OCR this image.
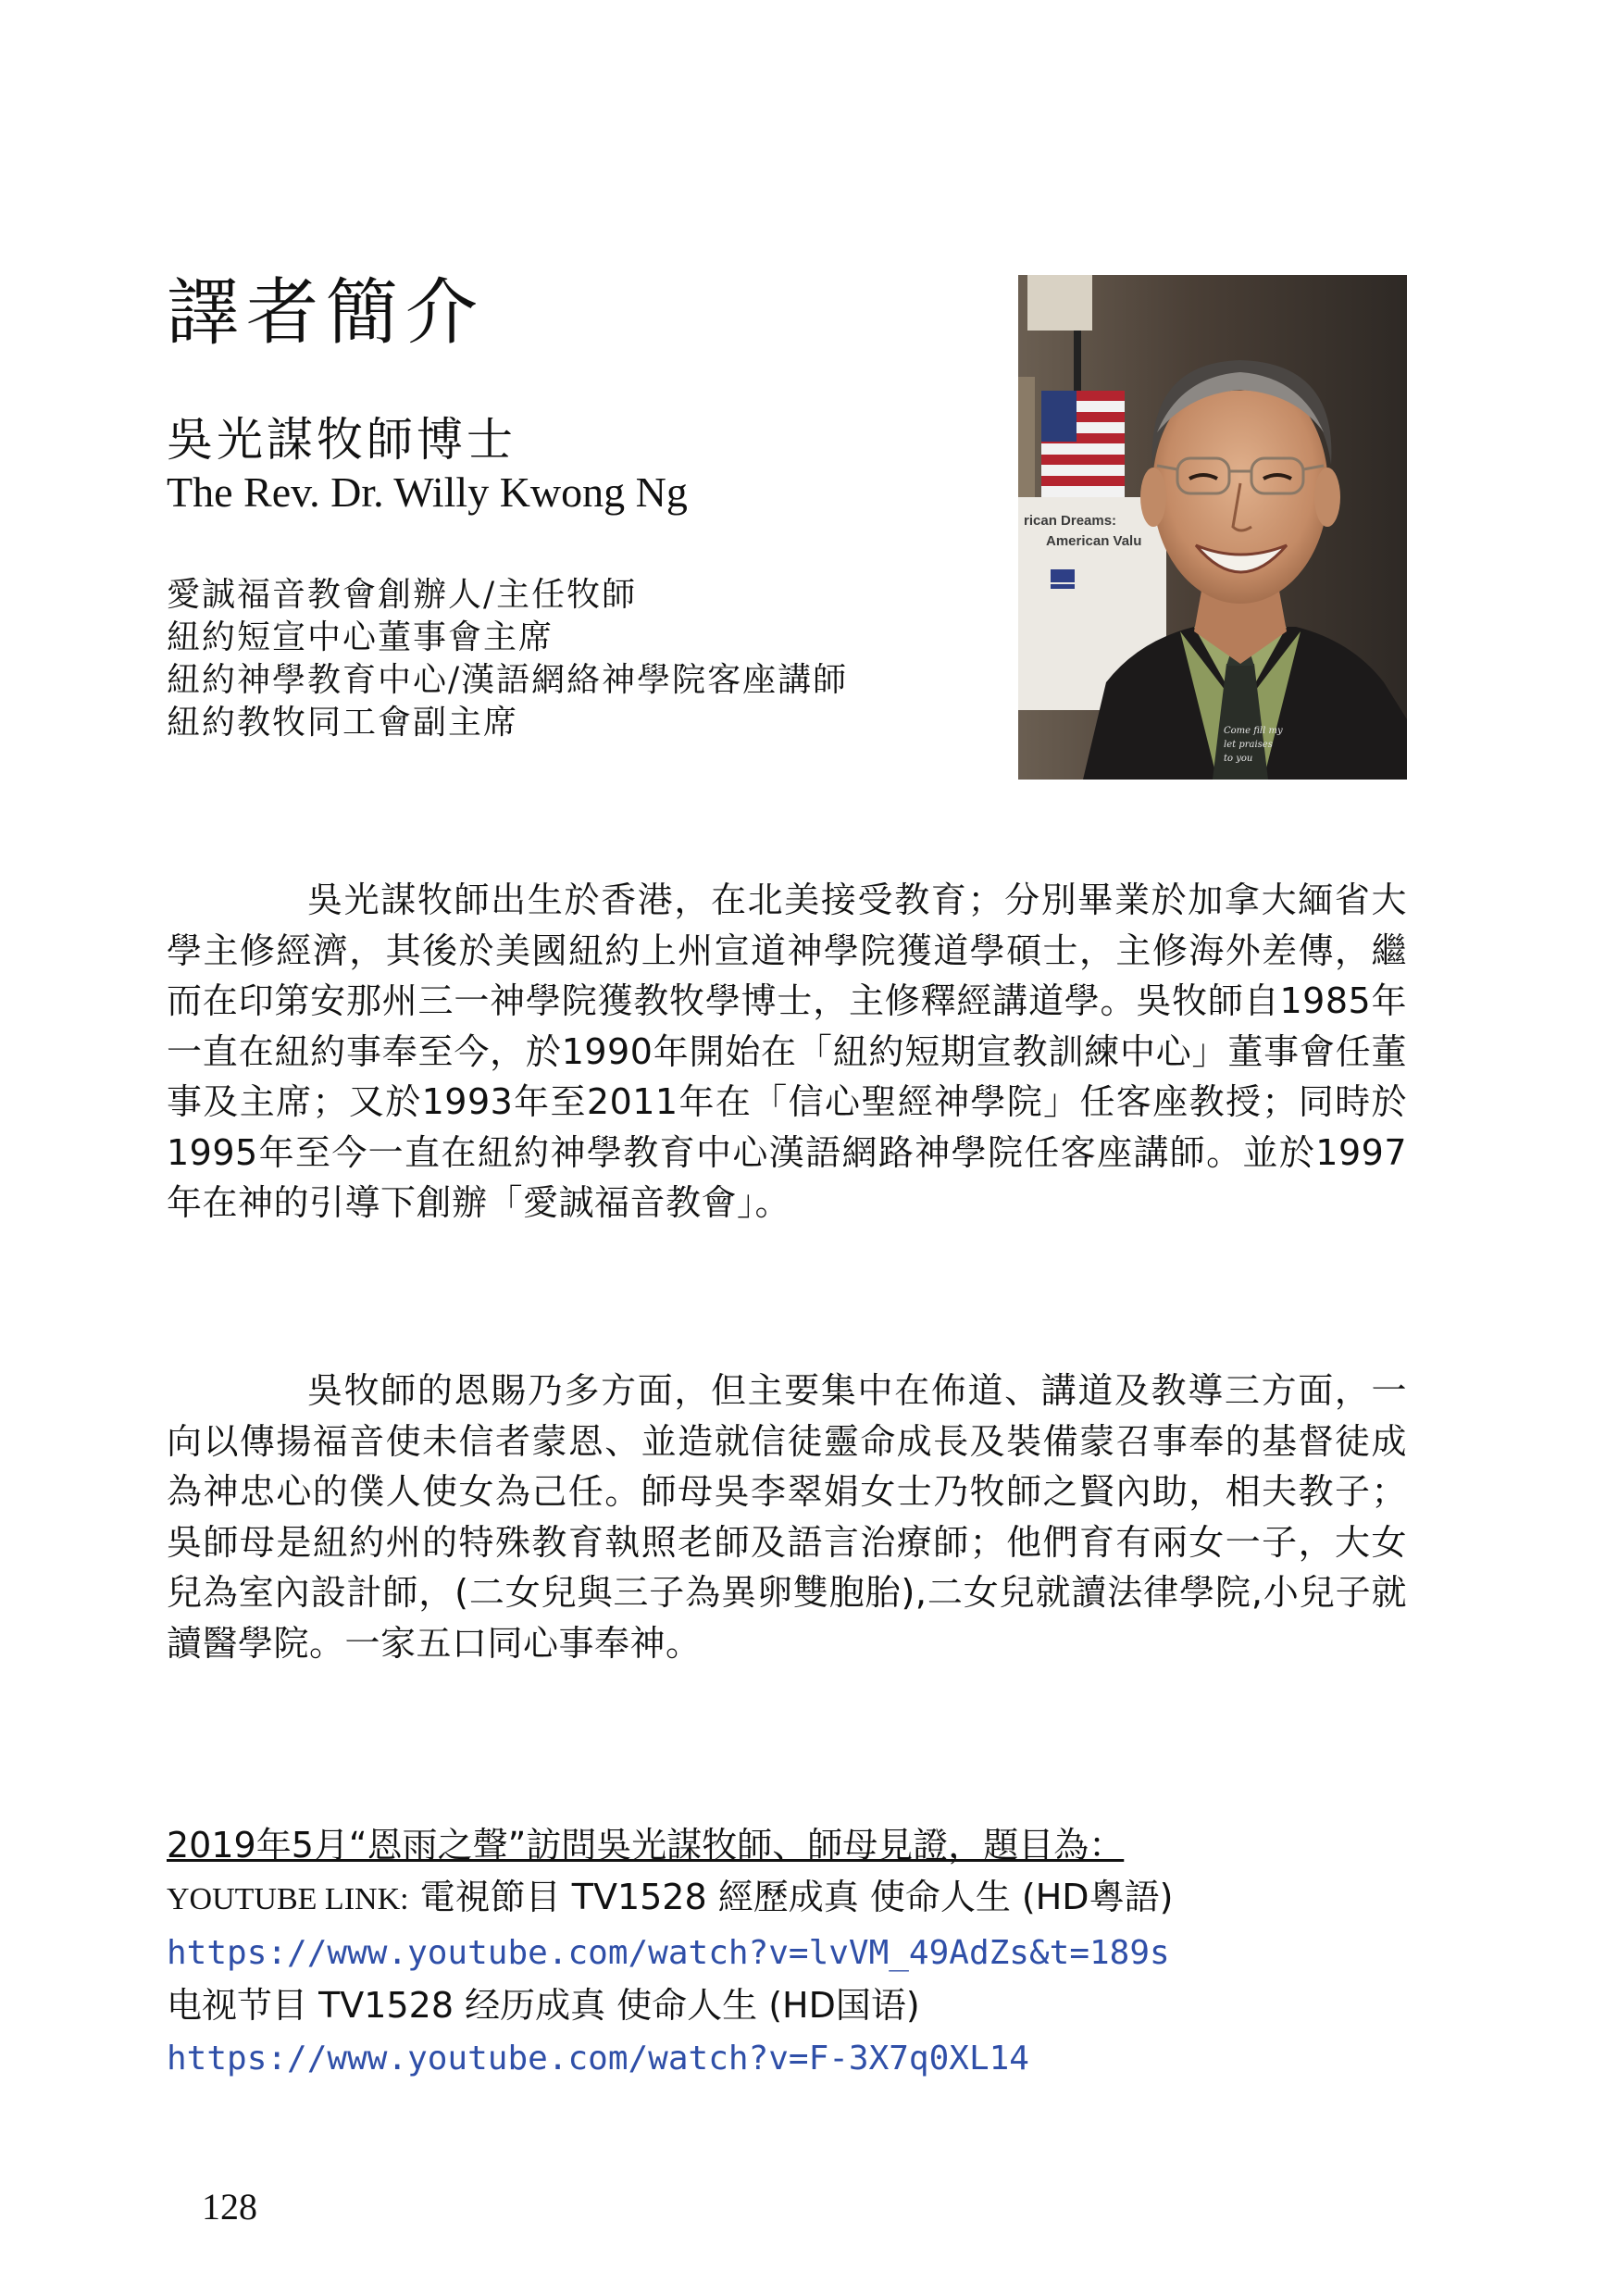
譯者簡介
吳光謀牧師博士
The Rev. Dr. Willy Kwong Ng
愛誠福音教會創辦人/主任牧師
紐約短宣中心董事會主席
紐約神學教育中心/漢語網絡神學院客座講師
紐約教牧同工會副主席
rican Dreams:
American Valu
Come fill my
let praises
to you

吳光謀牧師出生於香港，在北美接受教育；分別畢業於加拿大緬省大學主修經濟，其後於美國紐約上州宣道神學院獲道學碩士，主修海外差傳，繼而在印第安那州三一神學院獲教牧學博士，主修釋經講道學。吳牧師自1985年一直在紐約事奉至今，於1990年開始在「紐約短期宣教訓練中心」董事會任董事及主席；又於1993年至2011年在「信心聖經神學院」任客座教授；同時於1995年至今一直在紐約神學教育中心漢語網路神學院任客座講師。並於1997年在神的引導下創辦「愛誠福音教會」。

吳牧師的恩賜乃多方面，但主要集中在佈道、講道及教導三方面，一向以傳揚福音使未信者蒙恩、並造就信徒靈命成長及裝備蒙召事奉的基督徒成為神忠心的僕人使女為己任。師母吳李翠娟女士乃牧師之賢內助，相夫教子；吳師母是紐約州的特殊教育執照老師及語言治療師；他們育有兩女一子，大女兒為室內設計師，(二女兒與三子為異卵雙胞胎),二女兒就讀法律學院,小兒子就讀醫學院。一家五口同心事奉神。

2019年5月“恩雨之聲”訪問吳光謀牧師、師母見證，題目為：
YOUTUBE LINK: 電視節目 TV1528 經歷成真 使命人生 (HD粵語)
https://www.youtube.com/watch?v=lvVM_49AdZs&t=189s
电视节目 TV1528 经历成真 使命人生 (HD国语)
https://www.youtube.com/watch?v=F-3X7q0XL14
128
